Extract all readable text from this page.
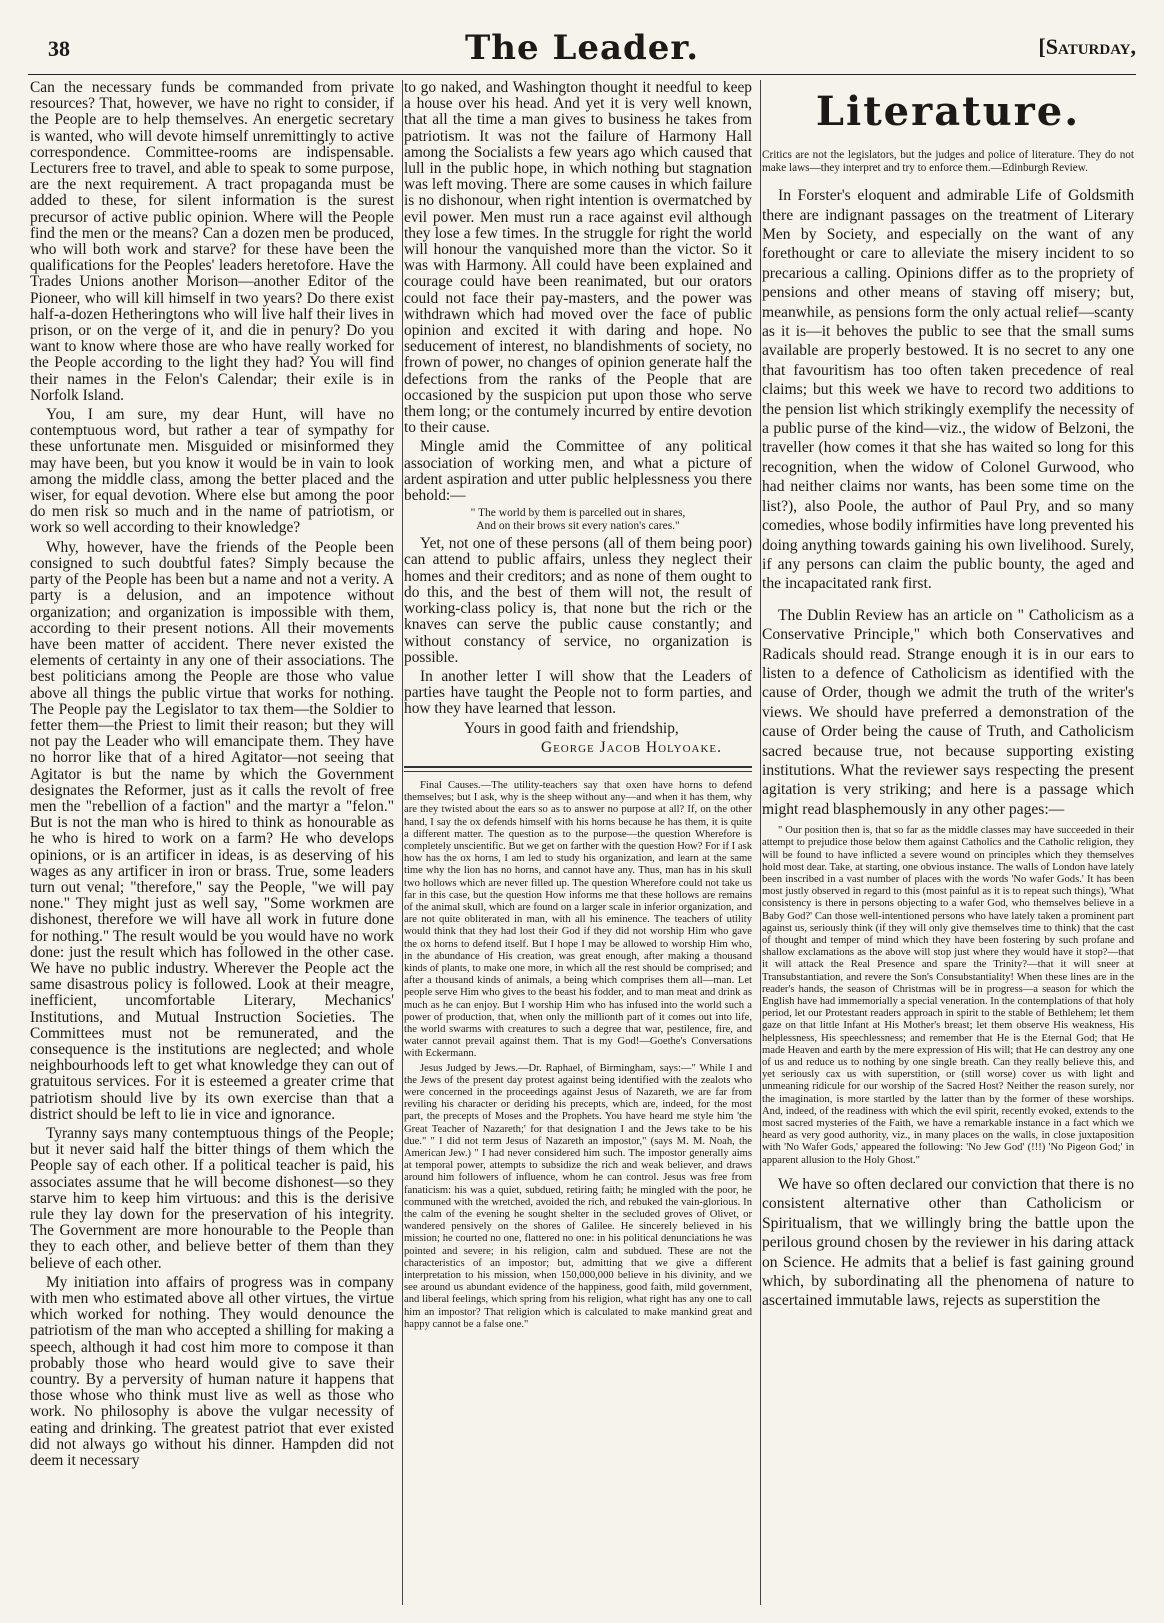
38	The Leader.	[Saturday,

Can the necessary funds be commanded from private resources? That, however, we have no right to consider, if the People are to help themselves. An energetic secretary is wanted, who will devote himself unremittingly to active correspondence. Committee-rooms are indispensable. Lecturers free to travel, and able to speak to some purpose, are the next requirement. A tract propaganda must be added to these, for silent information is the surest precursor of active public opinion. Where will the People find the men or the means? Can a dozen men be produced, who will both work and starve? for these have been the qualifications for the Peoples' leaders heretofore. Have the Trades Unions another Morison—another Editor of the Pioneer, who will kill himself in two years? Do there exist half-a-dozen Hetheringtons who will live half their lives in prison, or on the verge of it, and die in penury? Do you want to know where those are who have really worked for the People according to the light they had? You will find their names in the Felon's Calendar; their exile is in Norfolk Island.

You, I am sure, my dear Hunt, will have no contemptuous word, but rather a tear of sympathy for these unfortunate men. Misguided or misinformed they may have been, but you know it would be in vain to look among the middle class, among the better placed and the wiser, for equal devotion. Where else but among the poor do men risk so much and in the name of patriotism, or work so well according to their knowledge?

Why, however, have the friends of the People been consigned to such doubtful fates? Simply because the party of the People has been but a name and not a verity. A party is a delusion, and an impotence without organization; and organization is impossible with them, according to their present notions. All their movements have been matter of accident. There never existed the elements of certainty in any one of their associations. The best politicians among the People are those who value above all things the public virtue that works for nothing. The People pay the Legislator to tax them—the Soldier to fetter them—the Priest to limit their reason; but they will not pay the Leader who will emancipate them. They have no horror like that of a hired Agitator—not seeing that Agitator is but the name by which the Government designates the Reformer, just as it calls the revolt of free men the "rebellion of a faction" and the martyr a "felon." But is not the man who is hired to think as honourable as he who is hired to work on a farm? He who develops opinions, or is an artificer in ideas, is as deserving of his wages as any artificer in iron or brass. True, some leaders turn out venal; "therefore," say the People, "we will pay none." They might just as well say, "Some workmen are dishonest, therefore we will have all work in future done for nothing." The result would be you would have no work done: just the result which has followed in the other case. We have no public industry. Wherever the People act the same disastrous policy is followed. Look at their meagre, inefficient, uncomfortable Literary, Mechanics' Institutions, and Mutual Instruction Societies. The Committees must not be remunerated, and the consequence is the institutions are neglected; and whole neighbourhoods left to get what knowledge they can out of gratuitous services. For it is esteemed a greater crime that patriotism should live by its own exercise than that a district should be left to lie in vice and ignorance.

Tyranny says many contemptuous things of the People; but it never said half the bitter things of them which the People say of each other. If a political teacher is paid, his associates assume that he will become dishonest—so they starve him to keep him virtuous: and this is the derisive rule they lay down for the preservation of his integrity. The Government are more honourable to the People than they to each other, and believe better of them than they believe of each other.

My initiation into affairs of progress was in company with men who estimated above all other virtues, the virtue which worked for nothing. They would denounce the patriotism of the man who accepted a shilling for making a speech, although it had cost him more to compose it than probably those who heard would give to save their country. By a perversity of human nature it happens that those whose who think must live as well as those who work. No philosophy is above the vulgar necessity of eating and drinking. The greatest patriot that ever existed did not always go without his dinner. Hampden did not deem it necessary

to go naked, and Washington thought it needful to keep a house over his head. And yet it is very well known, that all the time a man gives to business he takes from patriotism. It was not the failure of Harmony Hall among the Socialists a few years ago which caused that lull in the public hope, in which nothing but stagnation was left moving. There are some causes in which failure is no dishonour, when right intention is overmatched by evil power. Men must run a race against evil although they lose a few times. In the struggle for right the world will honour the vanquished more than the victor. So it was with Harmony. All could have been explained and courage could have been reanimated, but our orators could not face their pay-masters, and the power was withdrawn which had moved over the face of public opinion and excited it with daring and hope. No seducement of interest, no blandishments of society, no frown of power, no changes of opinion generate half the defections from the ranks of the People that are occasioned by the suspicion put upon those who serve them long; or the contumely incurred by entire devotion to their cause.

Mingle amid the Committee of any political association of working men, and what a picture of ardent aspiration and utter public helplessness you there behold:—

" The world by them is parcelled out in shares,
And on their brows sit every nation's cares."

Yet, not one of these persons (all of them being poor) can attend to public affairs, unless they neglect their homes and their creditors; and as none of them ought to do this, and the best of them will not, the result of working-class policy is, that none but the rich or the knaves can serve the public cause constantly; and without constancy of service, no organization is possible.

In another letter I will show that the Leaders of parties have taught the People not to form parties, and how they have learned that lesson.

Yours in good faith and friendship,

George Jacob Holyoake.

Final Causes.—The utility-teachers say that oxen have horns to defend themselves; but I ask, why is the sheep without any—and when it has them, why are they twisted about the ears so as to answer no purpose at all? If, on the other hand, I say the ox defends himself with his horns because he has them, it is quite a different matter. The question as to the purpose—the question Wherefore is completely unscientific. But we get on farther with the question How? For if I ask how has the ox horns, I am led to study his organization, and learn at the same time why the lion has no horns, and cannot have any. Thus, man has in his skull two hollows which are never filled up. The question Wherefore could not take us far in this case, but the question How informs me that these hollows are remains of the animal skull, which are found on a larger scale in inferior organization, and are not quite obliterated in man, with all his eminence. The teachers of utility would think that they had lost their God if they did not worship Him who gave the ox horns to defend itself. But I hope I may be allowed to worship Him who, in the abundance of His creation, was great enough, after making a thousand kinds of plants, to make one more, in which all the rest should be comprised; and after a thousand kinds of animals, a being which comprises them all—man. Let people serve Him who gives to the beast his fodder, and to man meat and drink as much as he can enjoy. But I worship Him who has infused into the world such a power of production, that, when only the millionth part of it comes out into life, the world swarms with creatures to such a degree that war, pestilence, fire, and water cannot prevail against them. That is my God!—Goethe's Conversations with Eckermann.

Jesus Judged by Jews.—Dr. Raphael, of Birmingham, says:—" While I and the Jews of the present day protest against being identified with the zealots who were concerned in the proceedings against Jesus of Nazareth, we are far from reviling his character or deriding his precepts, which are, indeed, for the most part, the precepts of Moses and the Prophets. You have heard me style him 'the Great Teacher of Nazareth;' for that designation I and the Jews take to be his due." " I did not term Jesus of Nazareth an impostor," (says M. M. Noah, the American Jew.) " I had never considered him such. The impostor generally aims at temporal power, attempts to subsidize the rich and weak believer, and draws around him followers of influence, whom he can control. Jesus was free from fanaticism: his was a quiet, subdued, retiring faith; he mingled with the poor, he communed with the wretched, avoided the rich, and rebuked the vain-glorious. In the calm of the evening he sought shelter in the secluded groves of Olivet, or wandered pensively on the shores of Galilee. He sincerely believed in his mission; he courted no one, flattered no one: in his political denunciations he was pointed and severe; in his religion, calm and subdued. These are not the characteristics of an impostor; but, admitting that we give a different interpretation to his mission, when 150,000,000 believe in his divinity, and we see around us abundant evidence of the happiness, good faith, mild government, and liberal feelings, which spring from his religion, what right has any one to call him an impostor? That religion which is calculated to make mankind great and happy cannot be a false one."

Literature.

Critics are not the legislators, but the judges and police of literature. They do not make laws—they interpret and try to enforce them.—Edinburgh Review.

In Forster's eloquent and admirable Life of Goldsmith there are indignant passages on the treatment of Literary Men by Society, and especially on the want of any forethought or care to alleviate the misery incident to so precarious a calling. Opinions differ as to the propriety of pensions and other means of staving off misery; but, meanwhile, as pensions form the only actual relief—scanty as it is—it behoves the public to see that the small sums available are properly bestowed. It is no secret to any one that favouritism has too often taken precedence of real claims; but this week we have to record two additions to the pension list which strikingly exemplify the necessity of a public purse of the kind—viz., the widow of Belzoni, the traveller (how comes it that she has waited so long for this recognition, when the widow of Colonel Gurwood, who had neither claims nor wants, has been some time on the list?), also Poole, the author of Paul Pry, and so many comedies, whose bodily infirmities have long prevented his doing anything towards gaining his own livelihood. Surely, if any persons can claim the public bounty, the aged and the incapacitated rank first.

The Dublin Review has an article on " Catholicism as a Conservative Principle," which both Conservatives and Radicals should read. Strange enough it is in our ears to listen to a defence of Catholicism as identified with the cause of Order, though we admit the truth of the writer's views. We should have preferred a demonstration of the cause of Order being the cause of Truth, and Catholicism sacred because true, not because supporting existing institutions. What the reviewer says respecting the present agitation is very striking; and here is a passage which might read blasphemously in any other pages:—

" Our position then is, that so far as the middle classes may have succeeded in their attempt to prejudice those below them against Catholics and the Catholic religion, they will be found to have inflicted a severe wound on principles which they themselves hold most dear. Take, at starting, one obvious instance. The walls of London have lately been inscribed in a vast number of places with the words 'No wafer Gods.' It has been most justly observed in regard to this (most painful as it is to repeat such things), 'What consistency is there in persons objecting to a wafer God, who themselves believe in a Baby God?' Can those well-intentioned persons who have lately taken a prominent part against us, seriously think (if they will only give themselves time to think) that the cast of thought and temper of mind which they have been fostering by such profane and shallow exclamations as the above will stop just where they would have it stop?—that it will attack the Real Presence and spare the Trinity?—that it will sneer at Transubstantiation, and revere the Son's Consubstantiality! When these lines are in the reader's hands, the season of Christmas will be in progress—a season for which the English have had immemorially a special veneration. In the contemplations of that holy period, let our Protestant readers approach in spirit to the stable of Bethlehem; let them gaze on that little Infant at His Mother's breast; let them observe His weakness, His helplessness, His speechlessness; and remember that He is the Eternal God; that He made Heaven and earth by the mere expression of His will; that He can destroy any one of us and reduce us to nothing by one single breath. Can they really believe this, and yet seriously cax us with superstition, or (still worse) cover us with light and unmeaning ridicule for our worship of the Sacred Host? Neither the reason surely, nor the imagination, is more startled by the latter than by the former of these worships. And, indeed, of the readiness with which the evil spirit, recently evoked, extends to the most sacred mysteries of the Faith, we have a remarkable instance in a fact which we heard as very good authority, viz., in many places on the walls, in close juxtaposition with 'No Wafer Gods,' appeared the following: 'No Jew God' (!!!) 'No Pigeon God;' in apparent allusion to the Holy Ghost."

We have so often declared our conviction that there is no consistent alternative other than Catholicism or Spiritualism, that we willingly bring the battle upon the perilous ground chosen by the reviewer in his daring attack on Science. He admits that a belief is fast gaining ground which, by subordinating all the phenomena of nature to ascertained immutable laws, rejects as superstition the
